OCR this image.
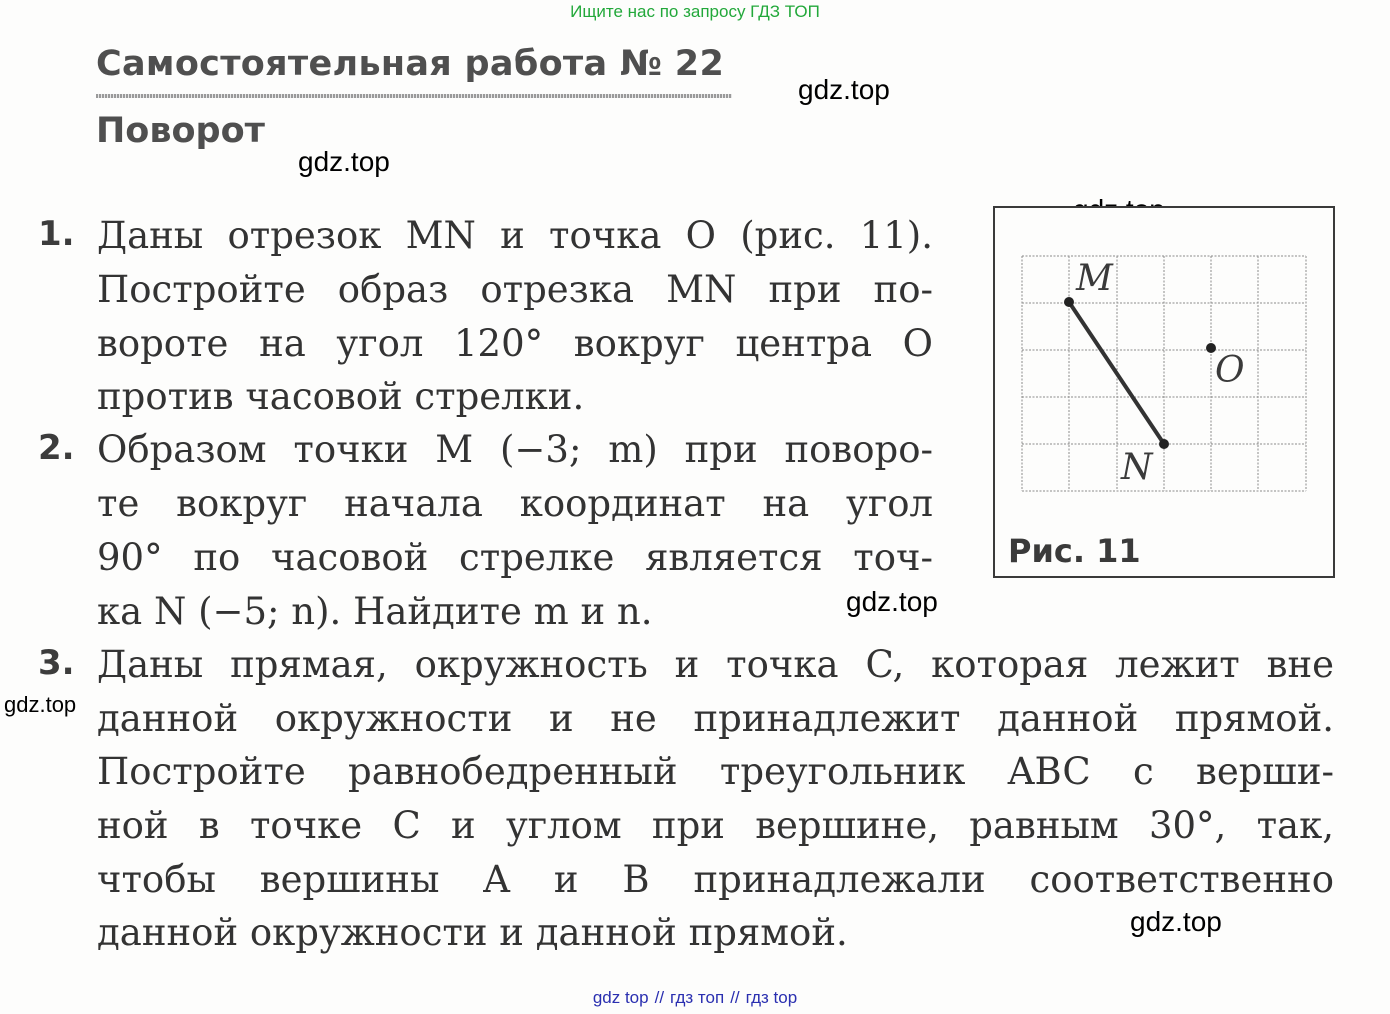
Ищите нас по запросу ГДЗ ТОП
Самостоятельная работа № 22
Поворот
gdz.top
gdz.top
gdz.top
gdz.top
gdz.top
1. Даны отрезок MN и точка O (рис. 11).
Постройте образ отрезка MN при по-
вороте на угол 120° вокруг центра O
против часовой стрелки.
2. Образом точки M (−3; m) при поворо-
те вокруг начала координат на угол
90° по часовой стрелке является точ-
ка N (−5; n). Найдите m и n.
3. Даны прямая, окружность и точка C, которая лежит вне
данной окружности и не принадлежит данной прямой.
Постройте равнобедренный треугольник ABC с верши-
ной в точке C и углом при вершине, равным 30°, так,
чтобы вершины A и B принадлежали соответственно
данной окружности и данной прямой.
M
N
O
Рис. 11
gdz top // гдз топ // гдз top
